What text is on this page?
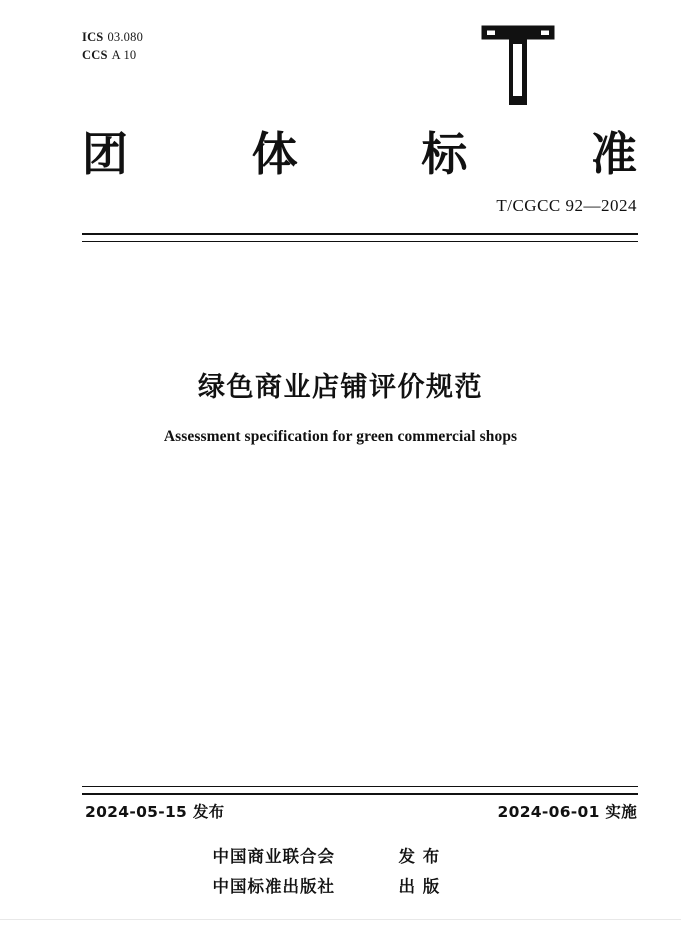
ICS 03.080
CCS A 10
团	体	标	准
T/CGCC 92—2024
绿色商业店铺评价规范
Assessment specification for green commercial shops
2024-05-15 发布	2024-06-01 实施
中国商业联合会	发 布
中国标准出版社	出 版
